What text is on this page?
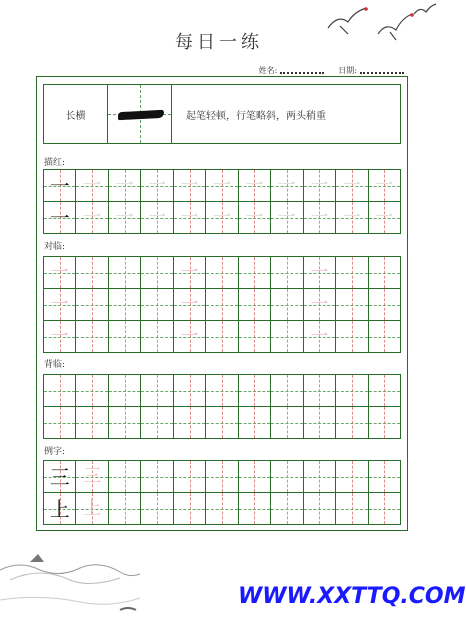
每日一练
姓名:	日期:
长横	起笔轻顿，行笔略斜，两头稍重
描红:
一 一 一 一 一 一 一 一 一 一 一
一 一 一 一 一 一 一 一 一 一 一
对临:
一	一	一
一	一	一
一	一	一
背临:
例字:
三 三
上 上
WWW.XXTTQ.COM
